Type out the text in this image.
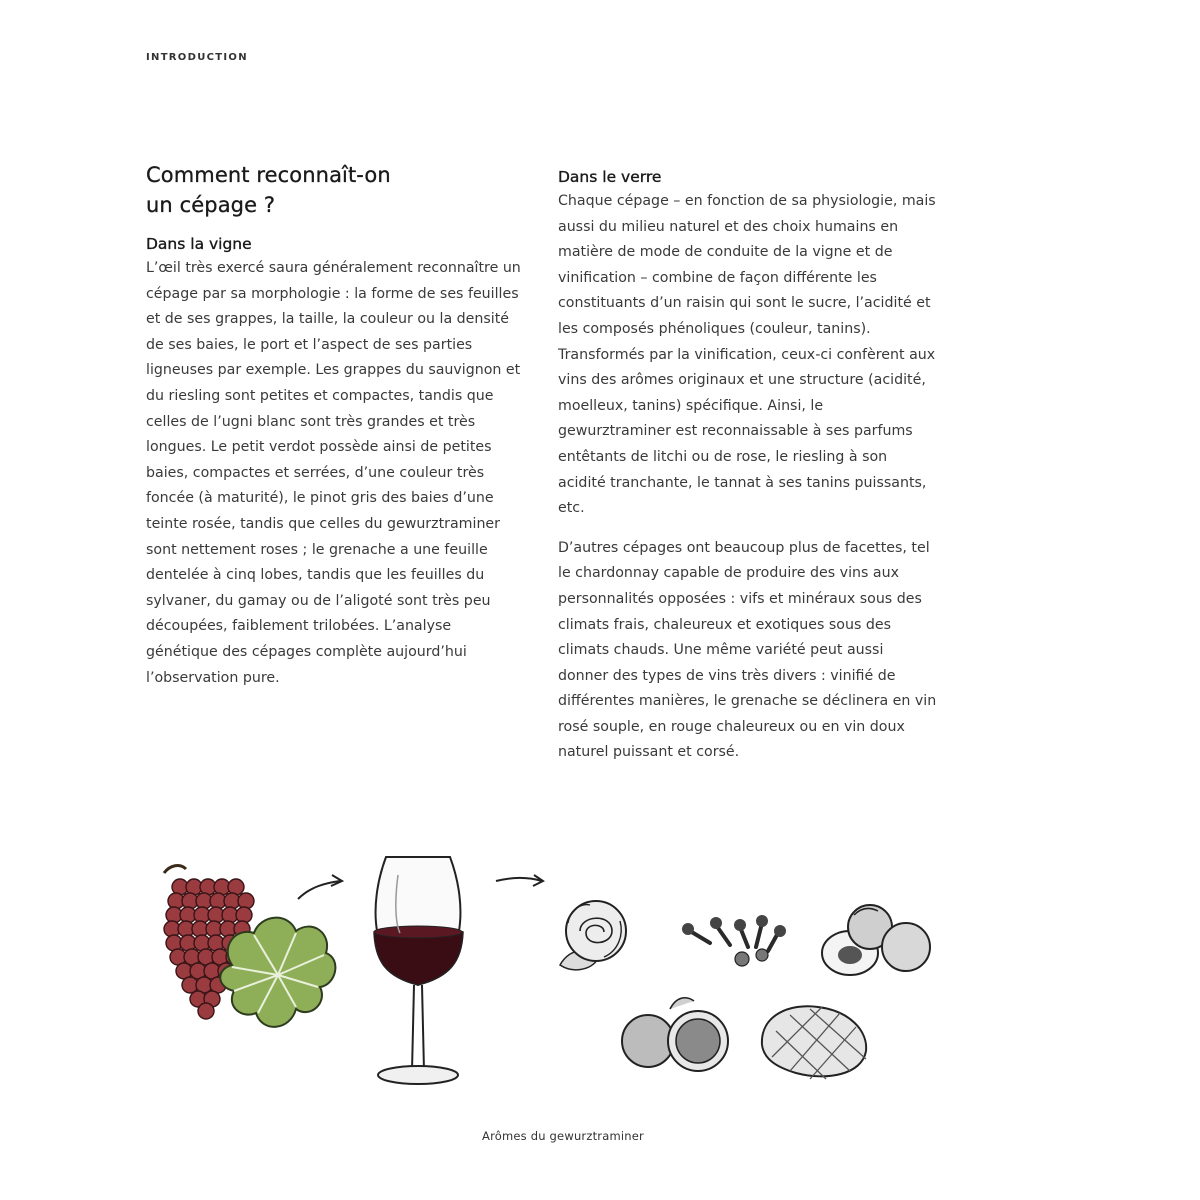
INTRODUCTION
Comment reconnaît-on
un cépage ?
Dans la vigne

L’œil très exercé saura généralement reconnaître un cépage par sa morphologie : la forme de ses feuilles et de ses grappes, la taille, la couleur ou la densité de ses baies, le port et l’aspect de ses parties ligneuses par exemple. Les grappes du sauvignon et du riesling sont petites et compactes, tandis que celles de l’ugni blanc sont très grandes et très longues. Le petit verdot possède ainsi de petites baies, compactes et serrées, d’une couleur très foncée (à maturité), le pinot gris des baies d’une teinte rosée, tandis que celles du gewurztraminer sont nettement roses ; le grenache a une feuille dentelée à cinq lobes, tandis que les feuilles du sylvaner, du gamay ou de l’aligoté sont très peu découpées, faiblement trilobées. L’analyse génétique des cépages complète aujourd’hui l’observation pure.

Dans le verre

Chaque cépage – en fonction de sa physiologie, mais aussi du milieu naturel et des choix humains en matière de mode de conduite de la vigne et de vinification – combine de façon différente les constituants d’un raisin qui sont le sucre, l’acidité et les composés phénoliques (couleur, tanins). Transformés par la vinification, ceux-ci confèrent aux vins des arômes originaux et une structure (acidité, moelleux, tanins) spécifique. Ainsi, le gewurztraminer est reconnaissable à ses parfums entêtants de litchi ou de rose, le riesling à son acidité tranchante, le tannat à ses tanins puissants, etc.

D’autres cépages ont beaucoup plus de facettes, tel le chardonnay capable de produire des vins aux personnalités opposées : vifs et minéraux sous des climats frais, chaleureux et exotiques sous des climats chauds. Une même variété peut aussi donner des types de vins très divers : vinifié de différentes manières, le grenache se déclinera en vin rosé souple, en rouge chaleureux ou en vin doux naturel puissant et corsé.

Arômes du gewurztraminer
